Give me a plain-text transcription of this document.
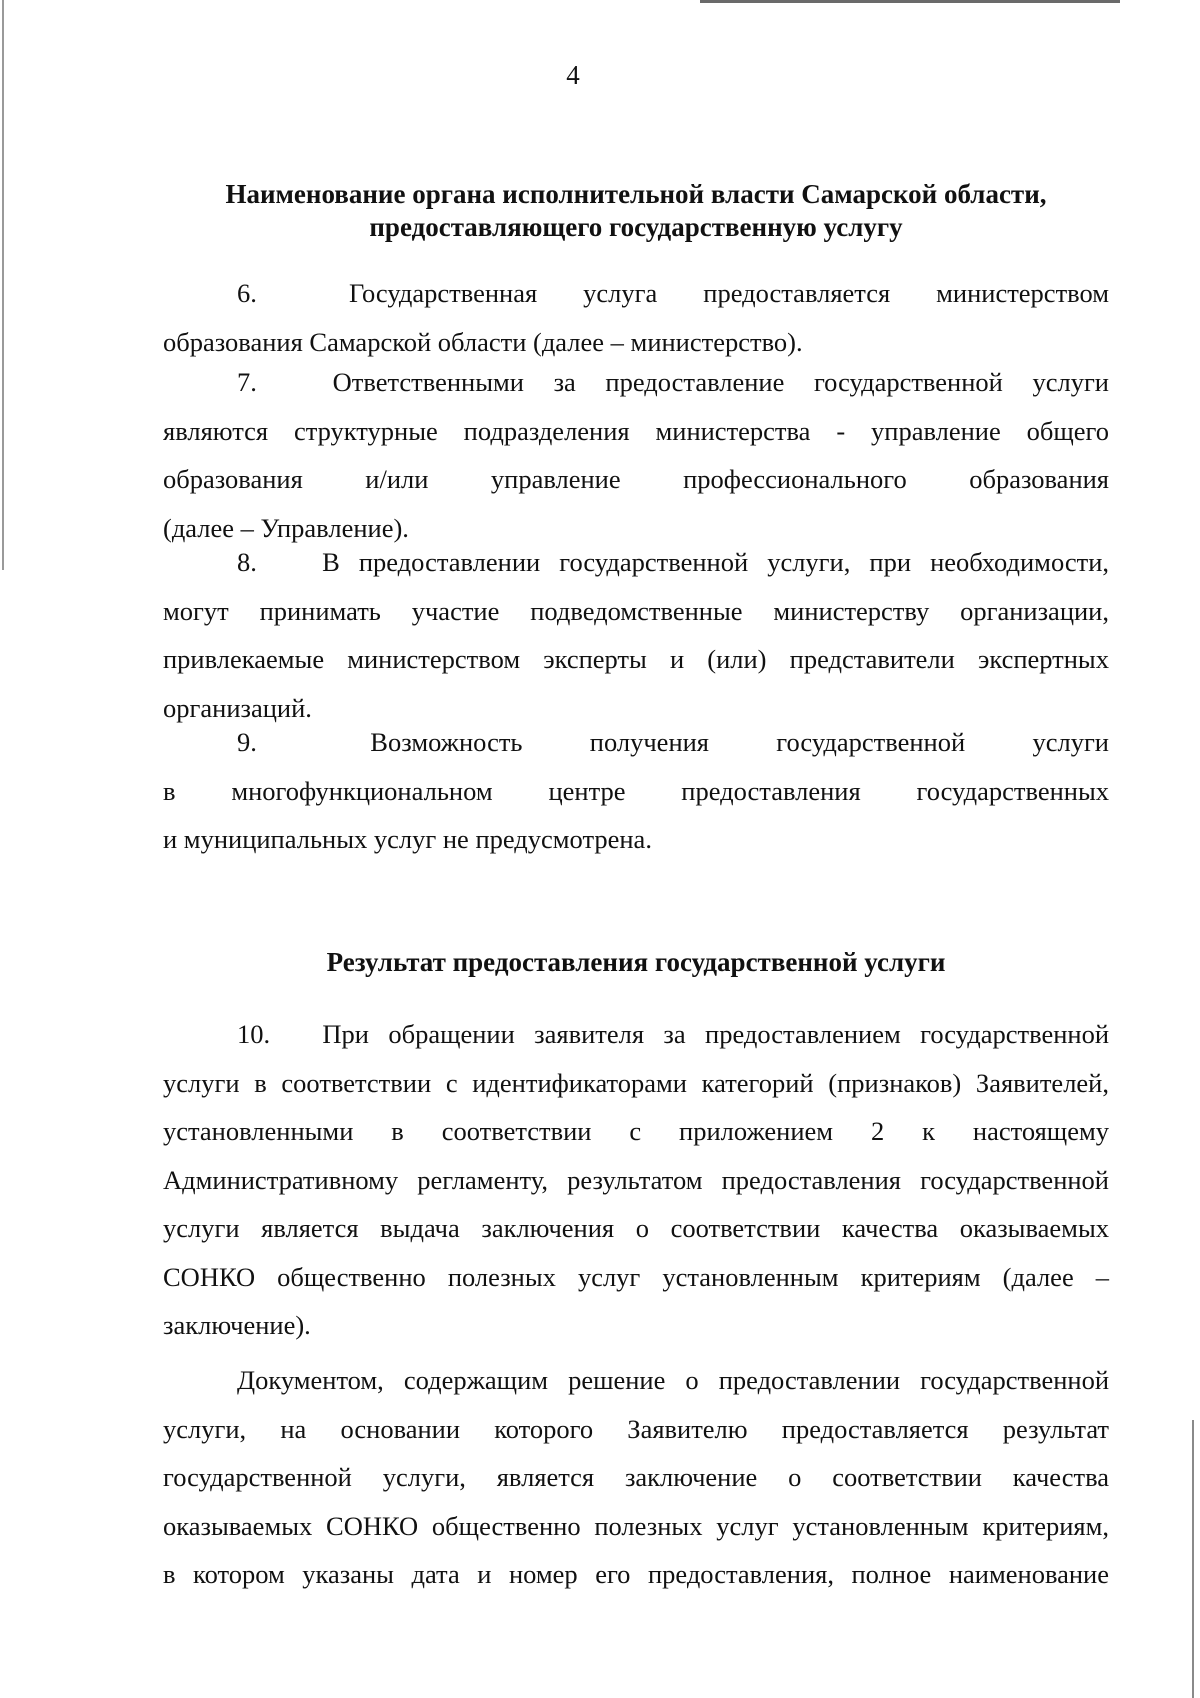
4
Наименование органа исполнительной власти Самарской области,
предоставляющего государственную услугу
6.	Государственная услуга предоставляется министерством
образования Самарской области (далее – министерство).
7.	Ответственными за предоставление государственной услуги
являются структурные подразделения министерства - управление общего
образования и/или управление профессионального образования
(далее – Управление).
8. В предоставлении государственной услуги, при необходимости,
могут принимать участие подведомственные министерству организации,
привлекаемые министерством эксперты и (или) представители экспертных
организаций.
9.	Возможность получения государственной услуги
в многофункциональном центре предоставления государственных
и муниципальных услуг не предусмотрена.
Результат предоставления государственной услуги
10. При обращении заявителя за предоставлением государственной
услуги в соответствии с идентификаторами категорий (признаков) Заявителей,
установленными в соответствии с приложением 2 к настоящему
Административному регламенту, результатом предоставления государственной
услуги является выдача заключения о соответствии качества оказываемых
СОНКО общественно полезных услуг установленным критериям (далее –
заключение).
Документом, содержащим решение о предоставлении государственной
услуги, на основании которого Заявителю предоставляется результат
государственной услуги, является заключение о соответствии качества
оказываемых СОНКО общественно полезных услуг установленным критериям,
в котором указаны дата и номер его предоставления, полное наименование
